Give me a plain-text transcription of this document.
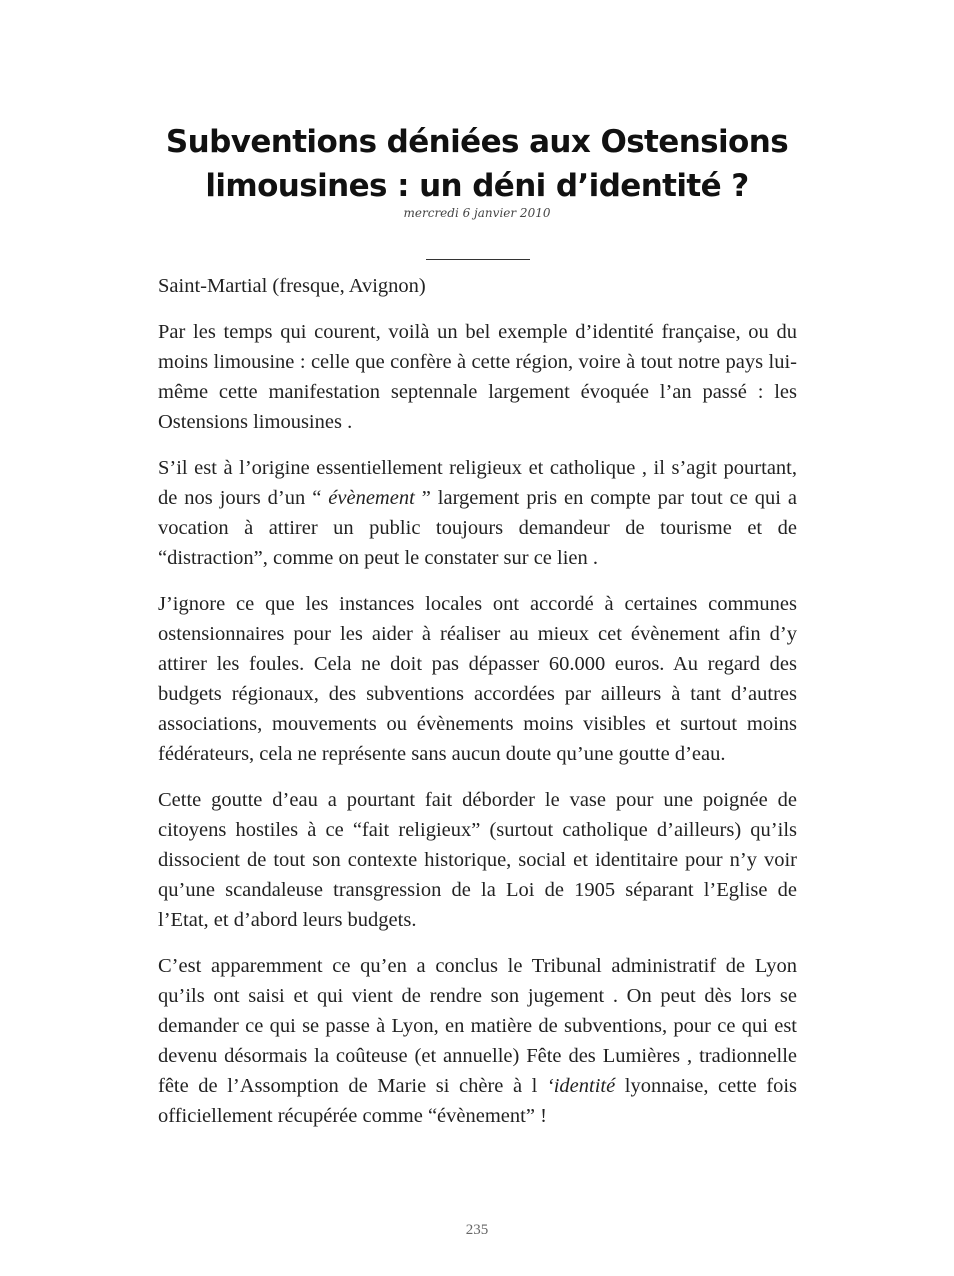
Subventions déniées aux Ostensions limousines : un déni d’identité ?
mercredi 6 janvier 2010

Saint-Martial (fresque, Avignon)

Par les temps qui courent, voilà un bel exemple d’identité française, ou du moins limousine : celle que confère à cette région, voire à tout notre pays lui-même cette manifestation septennale largement évoquée l’an passé : les Ostensions limousines .

S’il est à l’origine essentiellement religieux et catholique , il s’agit pourtant, de nos jours d’un “ évènement ” largement pris en compte par tout ce qui a vocation à attirer un public toujours demandeur de tourisme et de “distraction”, comme on peut le constater sur ce lien .

J’ignore ce que les instances locales ont accordé à certaines communes ostensionnaires pour les aider à réaliser au mieux cet évènement afin d’y attirer les foules. Cela ne doit pas dépasser 60.000 euros. Au regard des budgets régionaux, des subventions accordées par ailleurs à tant d’autres associations, mouvements ou évènements moins visibles et surtout moins fédérateurs, cela ne représente sans aucun doute qu’une goutte d’eau.

Cette goutte d’eau a pourtant fait déborder le vase pour une poignée de citoyens hostiles à ce “fait religieux” (surtout catholique d’ailleurs) qu’ils dissocient de tout son contexte historique, social et identitaire pour n’y voir qu’une scandaleuse transgression de la Loi de 1905 séparant l’Eglise de l’Etat, et d’abord leurs budgets.

C’est apparemment ce qu’en a conclus le Tribunal administratif de Lyon qu’ils ont saisi et qui vient de rendre son jugement . On peut dès lors se demander ce qui se passe à Lyon, en matière de subventions, pour ce qui est devenu désormais la coûteuse (et annuelle) Fête des Lumières , tradionnelle fête de l’Assomption de Marie si chère à l ‘identité lyonnaise, cette fois officiellement récupérée comme “évènement” !

235
